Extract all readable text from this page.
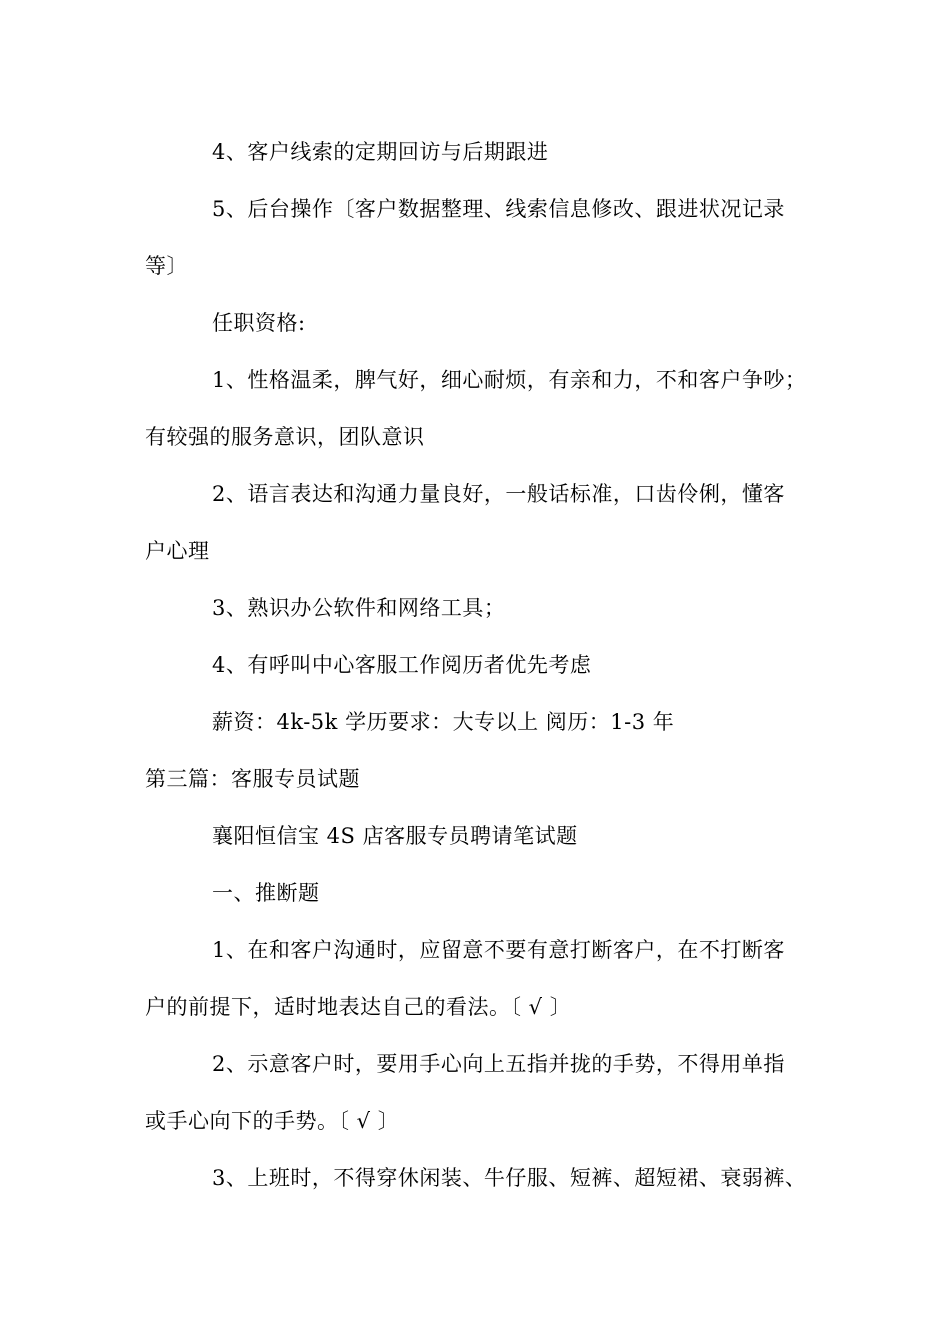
4、客户线索的定期回访与后期跟进
5、后台操作〔客户数据整理、线索信息修改、跟进状况记录
等〕
任职资格:
1、性格温柔，脾气好，细心耐烦，有亲和力，不和客户争吵；
有较强的服务意识，团队意识
2、语言表达和沟通力量良好，一般话标准，口齿伶俐，懂客
户心理
3、熟识办公软件和网络工具；
4、有呼叫中心客服工作阅历者优先考虑
薪资：4k-5k 学历要求：大专以上 阅历：1-3 年
第三篇：客服专员试题
襄阳恒信宝 4S 店客服专员聘请笔试题
一、推断题
1、在和客户沟通时，应留意不要有意打断客户，在不打断客
户的前提下，适时地表达自己的看法。〔 √ 〕
2、示意客户时，要用手心向上五指并拢的手势，不得用单指
或手心向下的手势。〔 √ 〕
3、上班时，不得穿休闲装、牛仔服、短裤、超短裙、衰弱裤、
